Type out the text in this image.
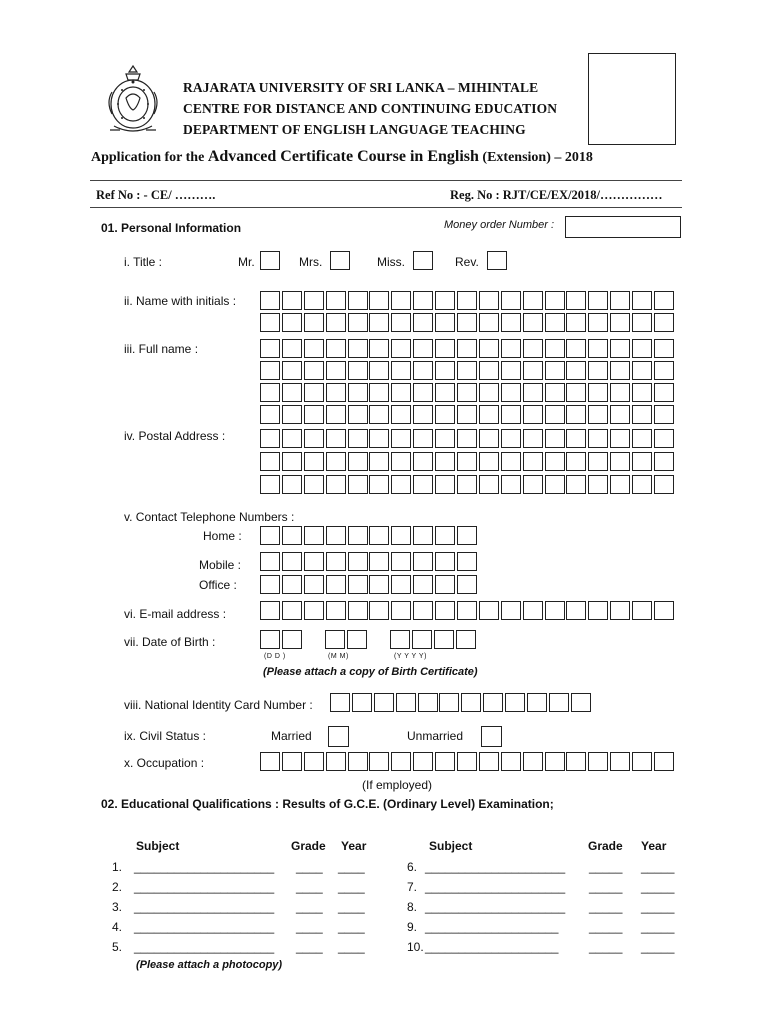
RAJARATA UNIVERSITY OF SRI LANKA – MIHINTALE
CENTRE FOR DISTANCE AND CONTINUING EDUCATION
DEPARTMENT OF ENGLISH LANGUAGE TEACHING
Application for the Advanced Certificate Course in English (Extension) – 2018
Ref No : - CE/ ……….	Reg. No : RJT/CE/EX/2018/……………
Money order Number :
01. Personal Information
i. Title :	Mr.	Mrs.	Miss.	Rev.
ii. Name with initials :
iii. Full name :
iv. Postal Address :
v. Contact Telephone Numbers :
Home :
Mobile :
Office :
vi. E-mail address :
vii. Date of Birth :
(D D )	(M M)	(Y Y Y Y)
(Please attach a copy of Birth Certificate)
viii. National Identity Card Number :
ix. Civil Status :	Married	Unmarried
x. Occupation :
(If employed)
02. Educational Qualifications : Results of G.C.E. (Ordinary Level) Examination;
Subject	Grade Year	Subject	Grade Year
1. _____________________ ____ ____
2. _____________________ ____ ____
3. _____________________ ____ ____
4. _____________________ ____ ____
5. _____________________ ____ ____
6. _____________________ _____ _____
7. _____________________ _____ _____
8. _____________________ _____ _____
9. ____________________	_____ _____
10. ____________________	_____ _____
(Please attach a photocopy)
